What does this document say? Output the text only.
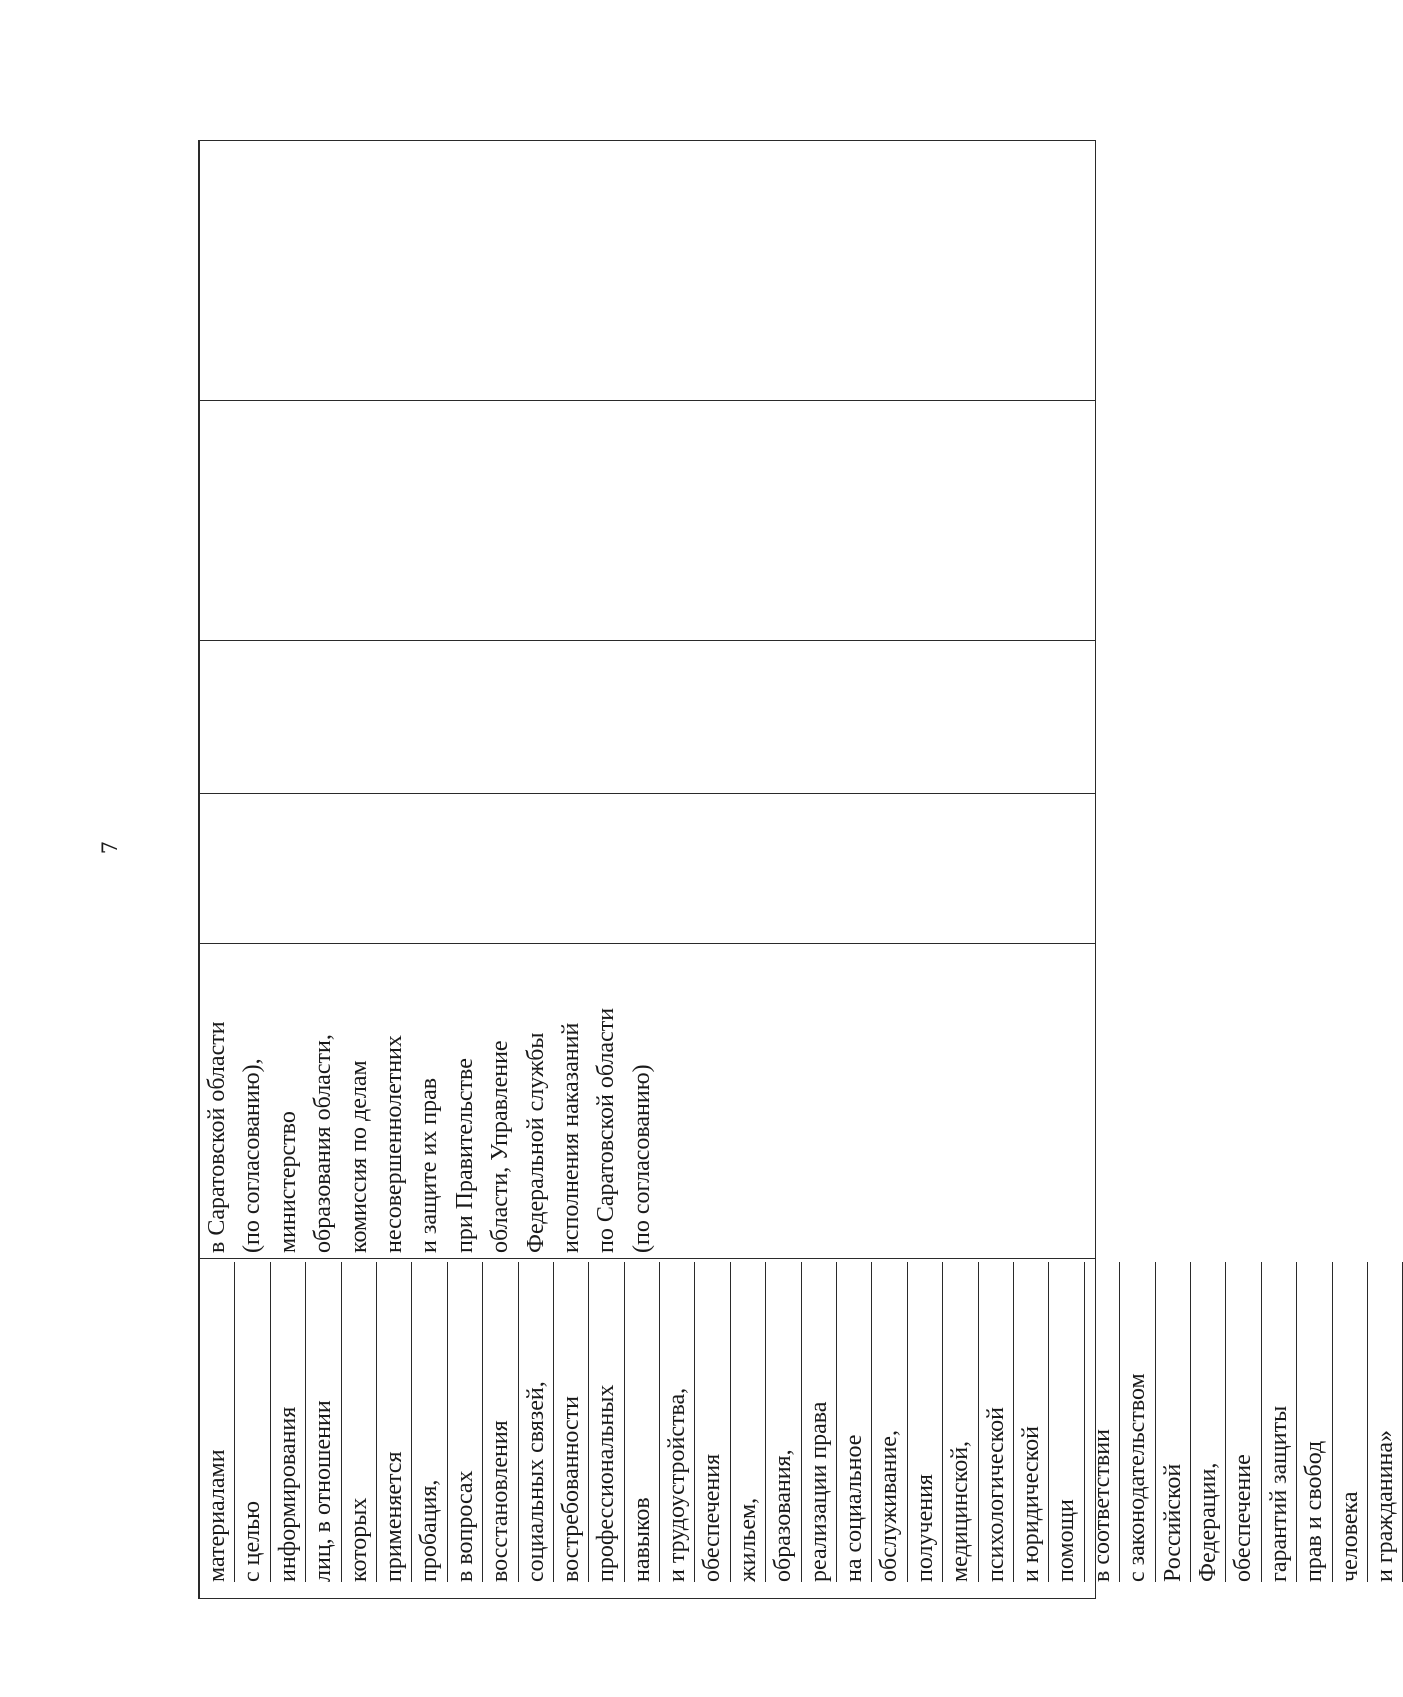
7
материалами с целью информирования лиц, в отношении которых применяется пробация, в вопросах восстановления социальных связей, востребованности профессиональных навыков и трудоустройства, обеспечения жильем, образования, реализации права на социальное обслуживание, получения медицинской, психологической и юридической помощи в соответствии с законодательством Российской Федерации, обеспечение гарантий защиты прав и свобод человека и гражданина»
в Саратовской области (по согласованию), министерство образования области, комиссия по делам несовершеннолетних и защите их прав при Правительстве области, Управление Федеральной службы исполнения наказаний по Саратовской области (по согласованию)
